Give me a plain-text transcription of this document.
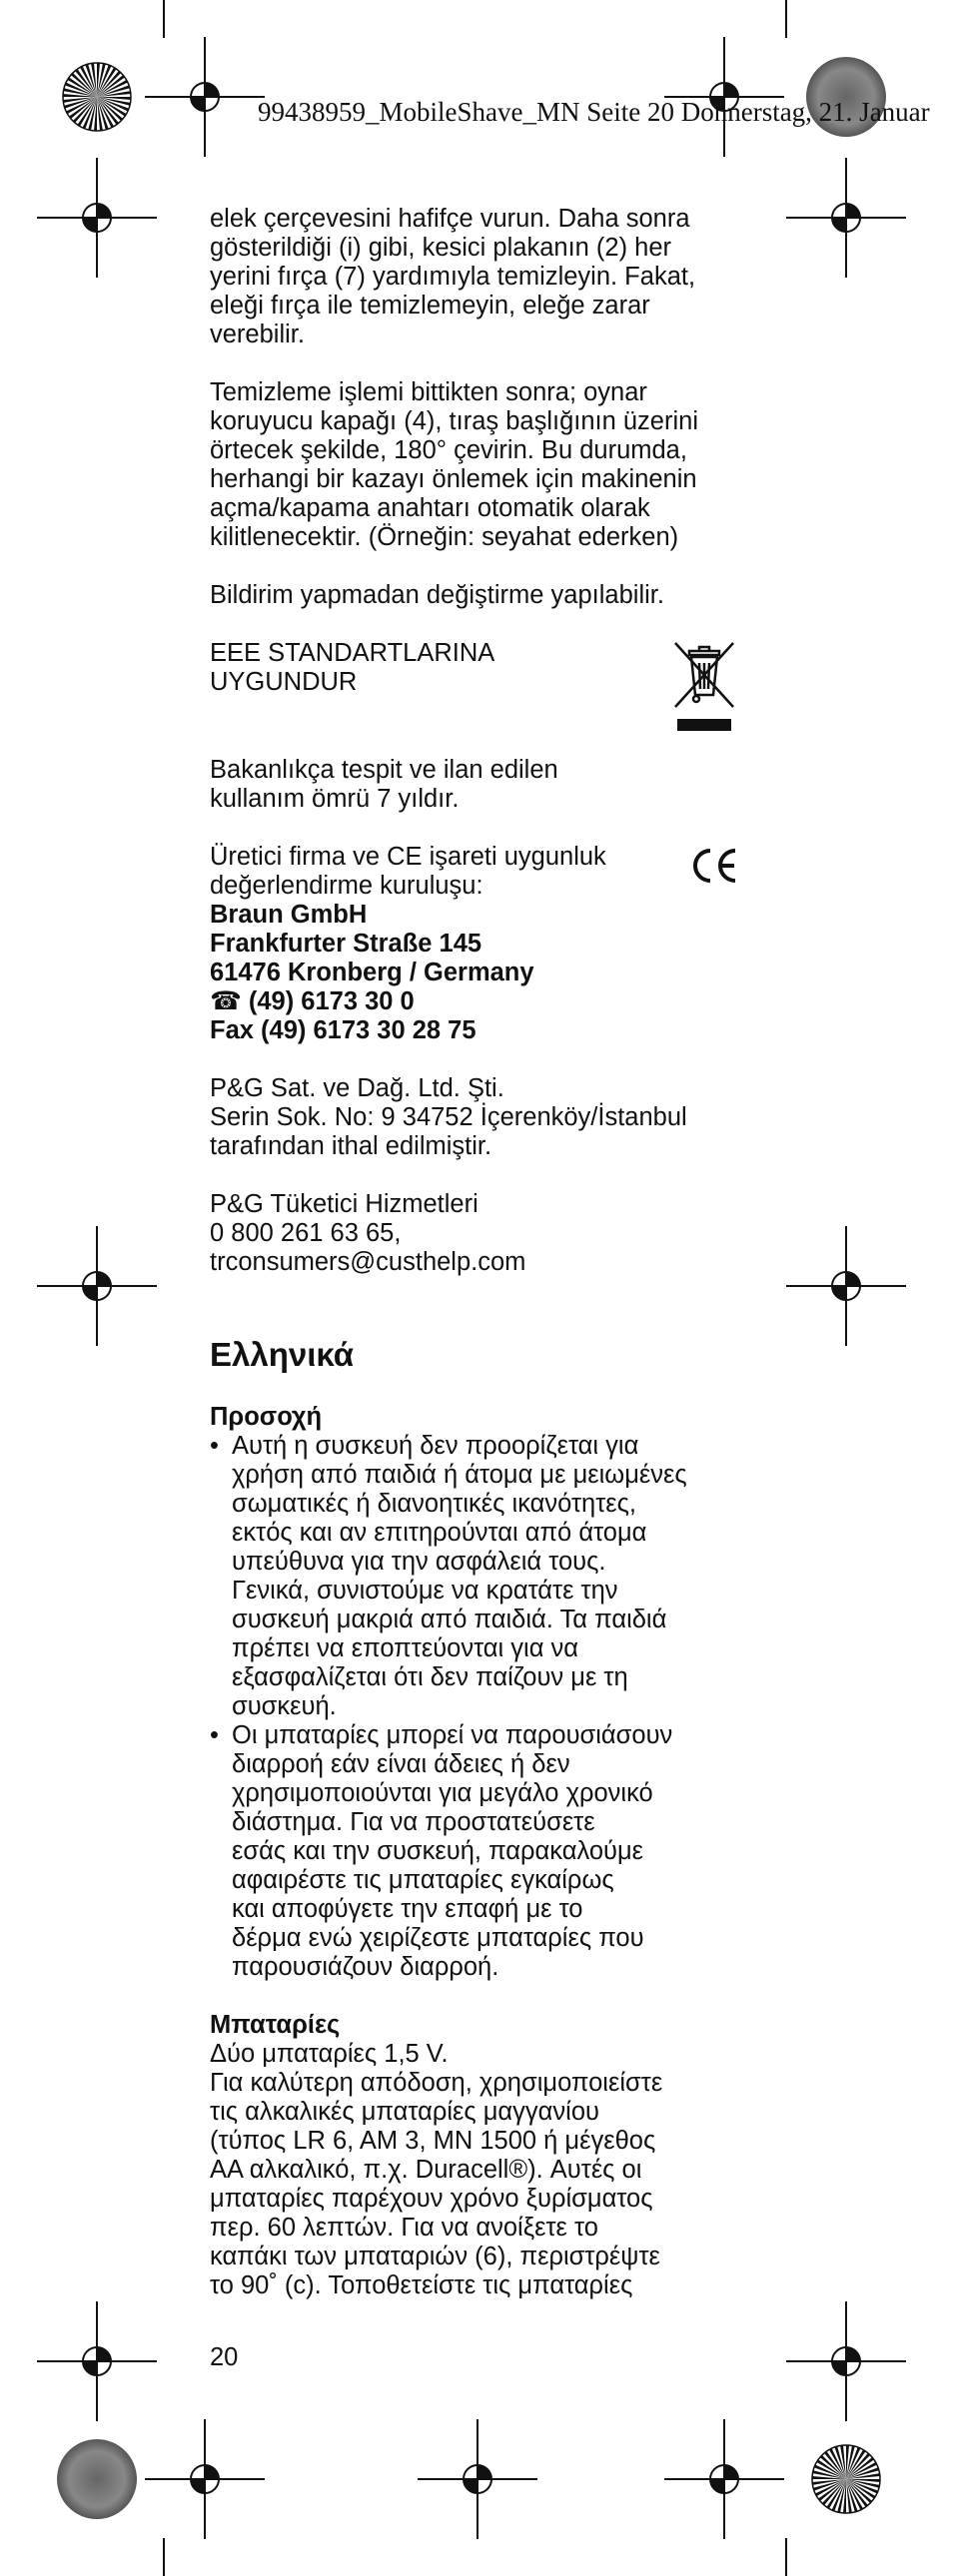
99438959_MobileShave_MN Seite 20 Donnerstag, 21. Januar

elek çerçevesini hafifçe vurun. Daha sonra
gösterildiği (i) gibi, kesici plakanın (2) her
yerini fırça (7) yardımıyla temizleyin. Fakat,
eleği fırça ile temizlemeyin, eleğe zarar
verebilir.

Temizleme işlemi bittikten sonra; oynar
koruyucu kapağı (4), tıraş başlığının üzerini
örtecek şekilde, 180° çevirin. Bu durumda,
herhangi bir kazayı önlemek için makinenin
açma/kapama anahtarı otomatik olarak
kilitlenecektir. (Örneğin: seyahat ederken)

Bildirim yapmadan değiştirme yapılabilir.

EEE STANDARTLARINA
UYGUNDUR

Bakanlıkça tespit ve ilan edilen
kullanım ömrü 7 yıldır.

Üretici firma ve CE işareti uygunluk
değerlendirme kuruluşu:

Braun GmbH
Frankfurter Straße 145
61476 Kronberg / Germany
☎ (49) 6173 30 0
Fax (49) 6173 30 28 75

P&G Sat. ve Dağ. Ltd. Şti.
Serin Sok. No: 9 34752 İçerenköy/İstanbul
tarafından ithal edilmiştir.

P&G Tüketici Hizmetleri
0 800 261 63 65,
trconsumers@custhelp.com

Ελληνικά
Προσοχή
• Αυτή η συσκευή δεν προορίζεται για
χρήση από παιδιά ή άτομα με μειωμένες
σωματικές ή διανοητικές ικανότητες,
εκτός και αν επιτηρούνται από άτομα
υπεύθυνα για την ασφάλειά τους.
Γενικά, συνιστούμε να κρατάτε την
συσκευή μακριά από παιδιά. Τα παιδιά
πρέπει να εποπτεύονται για να
εξασφαλίζεται ότι δεν παίζουν με τη
συσκευή.
• Οι μπαταρίες μπορεί να παρουσιάσουν
διαρροή εάν είναι άδειες ή δεν
χρησιμοποιούνται για μεγάλο χρονικό
διάστημα. Για να προστατεύσετε
εσάς και την συσκευή, παρακαλούμε
αφαιρέστε τις μπαταρίες εγκαίρως
και αποφύγετε την επαφή με το
δέρμα ενώ χειρίζεστε μπαταρίες που
παρουσιάζουν διαρροή.
Μπαταρίες
Δύο μπαταρίες 1,5 V.
Για καλύτερη απόδοση, χρησιμοποιείστε
τις αλκαλικές μπαταρίες μαγγανίου
(τύπος LR 6, AM 3, MN 1500 ή μέγεθος
AA αλκαλικό, π.χ. Duracell®). Αυτές οι
μπαταρίες παρέχουν χρόνο ξυρίσματος
περ. 60 λεπτών. Για να ανοίξετε το
καπάκι των μπαταριών (6), περιστρέψτε
το 90˚ (c). Τοποθετείστε τις μπαταρίες
20
